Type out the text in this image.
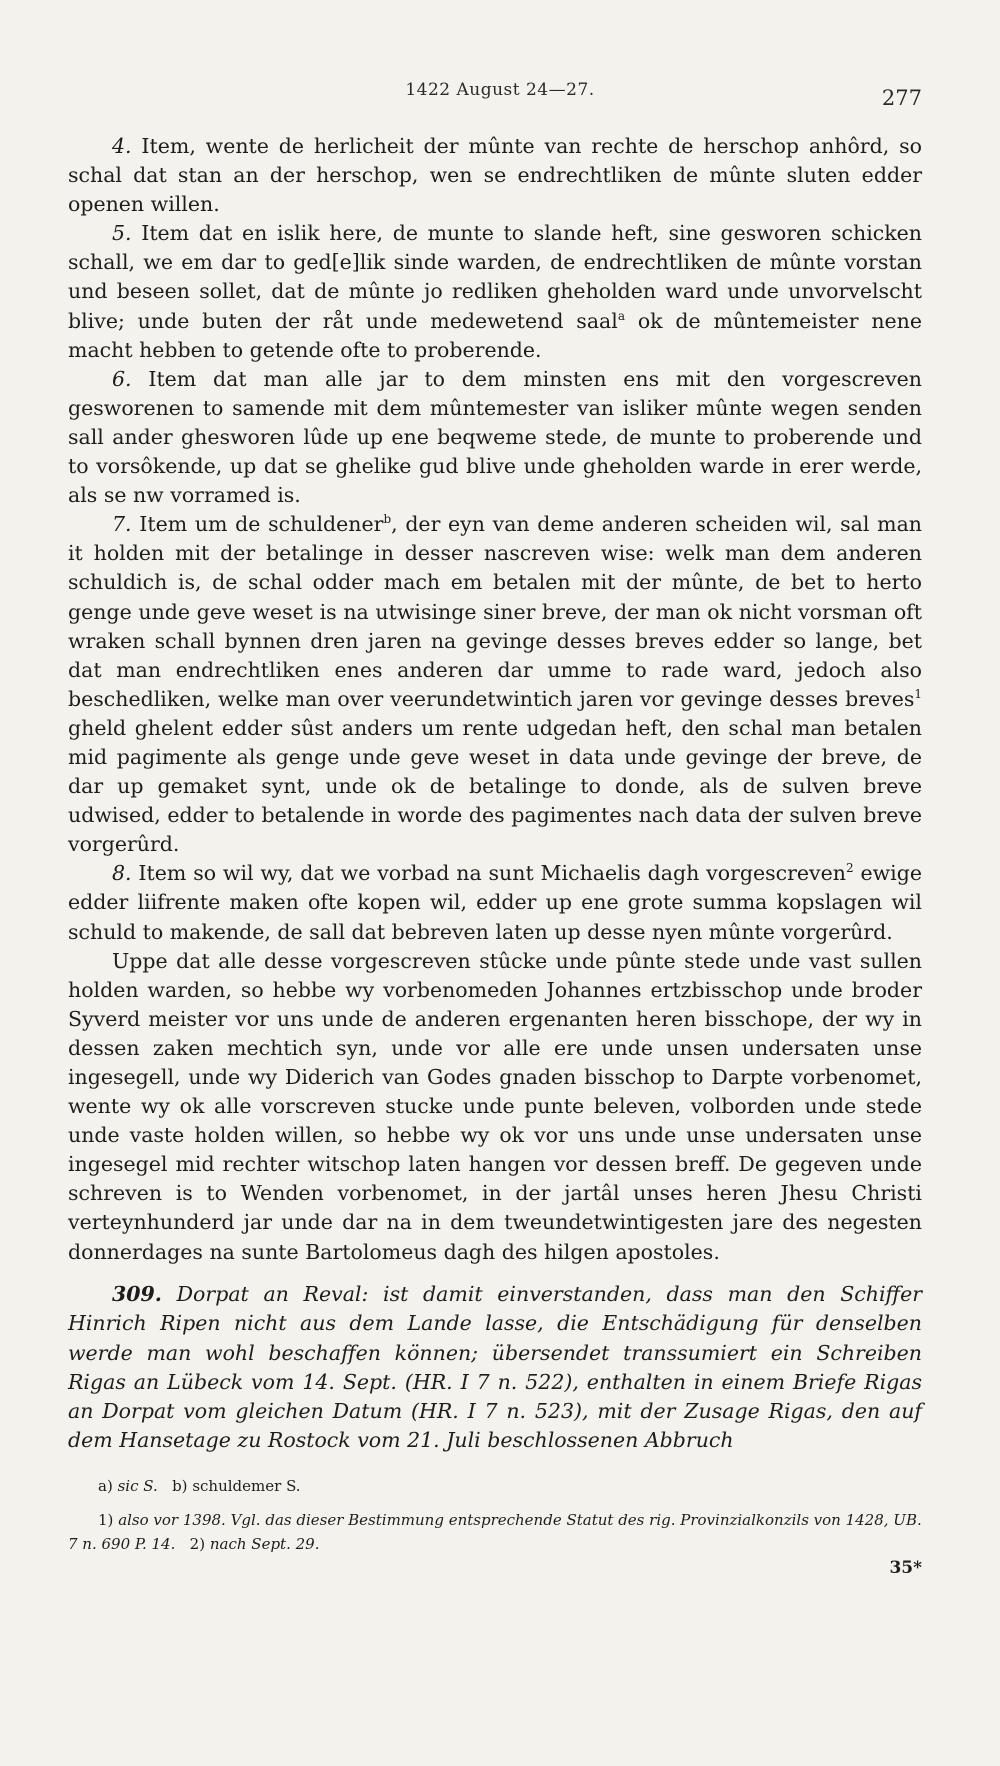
1422 August 24—27.	277

4. Item, wente de herlicheit der mûnte van rechte de herschop anhôrd, so schal dat stan an der herschop, wen se endrechtliken de mûnte sluten edder openen willen.

5. Item dat en islik here, de munte to slande heft, sine gesworen schicken schall, we em dar to ged[e]lik sinde warden, de endrechtliken de mûnte vorstan und beseen sollet, dat de mûnte jo redliken gheholden ward unde unvorvelscht blive; unde buten der råt unde medewetend saal$^a$ ok de mûntemeister nene macht hebben to getende ofte to proberende.

6. Item dat man alle jar to dem minsten ens mit den vorgescreven gesworenen to samende mit dem mûntemester van isliker mûnte wegen senden sall ander ghesworen lûde up ene beqweme stede, de munte to proberende und to vorsôkende, up dat se ghelike gud blive unde gheholden warde in erer werde, als se nw vorramed is.

7. Item um de schuldener$^b$, der eyn van deme anderen scheiden wil, sal man it holden mit der betalinge in desser nascreven wise: welk man dem anderen schuldich is, de schal odder mach em betalen mit der mûnte, de bet to herto genge unde geve weset is na utwisinge siner breve, der man ok nicht vorsman oft wraken schall bynnen dren jaren na gevinge desses breves edder so lange, bet dat man endrechtliken enes anderen dar umme to rade ward, jedoch also beschedliken, welke man over veerundetwintich jaren vor gevinge desses breves$^1$ gheld ghelent edder sûst anders um rente udgedan heft, den schal man betalen mid pagimente als genge unde geve weset in data unde gevinge der breve, de dar up gemaket synt, unde ok de betalinge to donde, als de sulven breve udwised, edder to betalende in worde des pagimentes nach data der sulven breve vorgerûrd.

8. Item so wil wy, dat we vorbad na sunt Michaelis dagh vorgescreven$^2$ ewige edder liifrente maken ofte kopen wil, edder up ene grote summa kopslagen wil schuld to makende, de sall dat bebreven laten up desse nyen mûnte vorgerûrd.

Uppe dat alle desse vorgescreven stûcke unde pûnte stede unde vast sullen holden warden, so hebbe wy vorbenomeden Johannes ertzbisschop unde broder Syverd meister vor uns unde de anderen ergenanten heren bisschope, der wy in dessen zaken mechtich syn, unde vor alle ere unde unsen undersaten unse ingesegell, unde wy Diderich van Godes gnaden bisschop to Darpte vorbenomet, wente wy ok alle vorscreven stucke unde punte beleven, volborden unde stede unde vaste holden willen, so hebbe wy ok vor uns unde unse undersaten unse ingesegel mid rechter witschop laten hangen vor dessen breff. De gegeven unde schreven is to Wenden vorbenomet, in der jartâl unses heren Jhesu Christi verteynhunderd jar unde dar na in dem tweundetwintigesten jare des negesten donnerdages na sunte Bartolomeus dagh des hilgen apostoles.

309. Dorpat an Reval: ist damit einverstanden, dass man den Schiffer Hinrich Ripen nicht aus dem Lande lasse, die Entschädigung für denselben werde man wohl beschaffen können; übersendet transsumiert ein Schreiben Rigas an Lübeck vom 14. Sept. (HR. I 7 n. 522), enthalten in einem Briefe Rigas an Dorpat vom gleichen Datum (HR. I 7 n. 523), mit der Zusage Rigas, den auf dem Hansetage zu Rostock vom 21. Juli beschlossenen Abbruch

a) sic S. b) schuldemer S.

1) also vor 1398. Vgl. das dieser Bestimmung entsprechende Statut des rig. Provinzialkonzils von 1428, UB. 7 n. 690 P. 14. 2) nach Sept. 29.

35*
